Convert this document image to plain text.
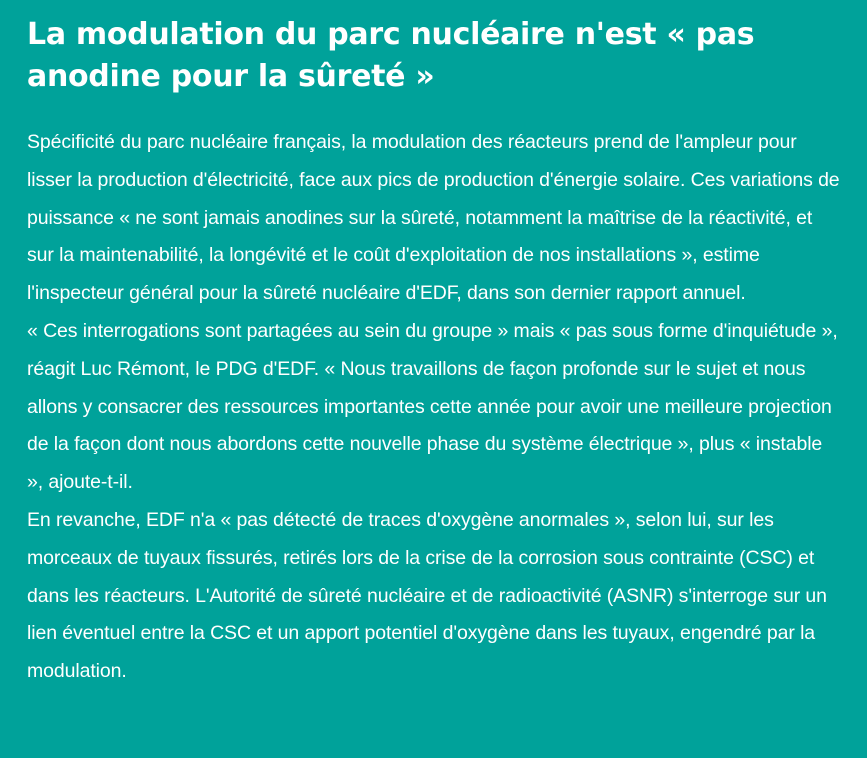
La modulation du parc nucléaire n'est « pas anodine pour la sûreté »

Spécificité du parc nucléaire français, la modulation des réacteurs prend de l'ampleur pour lisser la production d'électricité, face aux pics de production d'énergie solaire. Ces variations de puissance « ne sont jamais anodines sur la sûreté, notamment la maîtrise de la réactivité, et sur la maintenabilité, la longévité et le coût d'exploitation de nos installations », estime l'inspecteur général pour la sûreté nucléaire d'EDF, dans son dernier rapport annuel.

« Ces interrogations sont partagées au sein du groupe » mais « pas sous forme d'inquiétude », réagit Luc Rémont, le PDG d'EDF. « Nous travaillons de façon profonde sur le sujet et nous allons y consacrer des ressources importantes cette année pour avoir une meilleure projection de la façon dont nous abordons cette nouvelle phase du système électrique », plus « instable », ajoute-t-il.

En revanche, EDF n'a « pas détecté de traces d'oxygène anormales », selon lui, sur les morceaux de tuyaux fissurés, retirés lors de la crise de la corrosion sous contrainte (CSC) et dans les réacteurs. L'Autorité de sûreté nucléaire et de radioactivité (ASNR) s'interroge sur un lien éventuel entre la CSC et un apport potentiel d'oxygène dans les tuyaux, engendré par la modulation.
